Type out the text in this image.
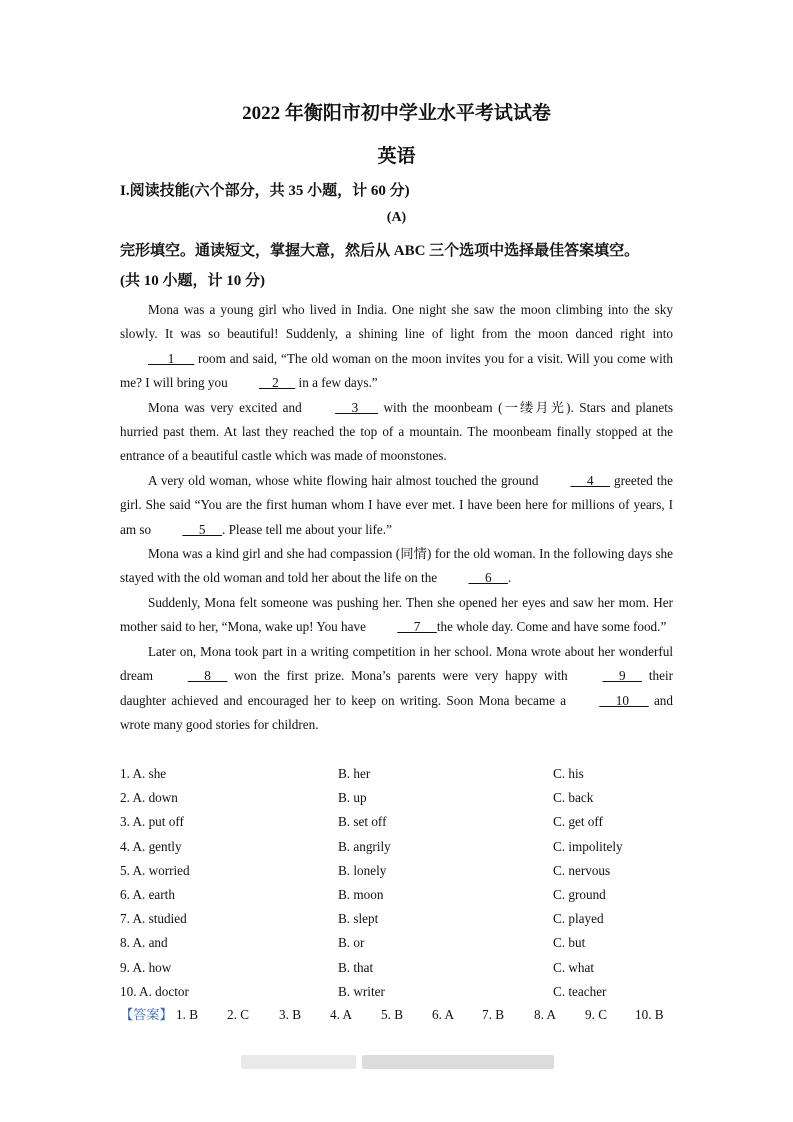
2022 年衡阳市初中学业水平考试试卷
英语
I.阅读技能(六个部分，共 35 小题，计 60 分)
(A)
完形填空。通读短文，掌握大意，然后从 ABC 三个选项中选择最佳答案填空。
(共 10 小题，计 10 分)

Mona was a young girl who lived in India. One night she saw the moon climbing into the sky slowly. It was so beautiful! Suddenly, a shining line of light from the moon danced right into       1       room and said, “The old woman on the moon invites you for a visit. Will you come with me? I will bring you     2      in a few days.”

Mona was very excited and      3       with the moonbeam (一缕月光). Stars and planets hurried past them. At last they reached the top of a mountain. The moonbeam finally stopped at the entrance of a beautiful castle which was made of moonstones.

A very old woman, whose white flowing hair almost touched the ground      4      greeted the girl. She said “You are the first human whom I have ever met. I have been here for millions of years, I am so      5     . Please tell me about your life.”

Mona was a kind girl and she had compassion (同情) for the old woman. In the following days she stayed with the old woman and told her about the life on the      6     .

Suddenly, Mona felt someone was pushing her. Then she opened her eyes and saw her mom. Her mother said to her, “Mona, wake up! You have      7     the whole day. Come and have some food.”

Later on, Mona took part in a writing competition in her school. Mona wrote about her wonderful dream      8      won the first prize. Mona’s parents were very happy with      9      their daughter achieved and encouraged her to keep on writing. Soon Mona became a      10       and wrote many good stories for children.

1. A. she	B. her	C. his
2. A. down	B. up	C. back
3. A. put off	B. set off	C. get off
4. A. gently	B. angrily	C. impolitely
5. A. worried	B. lonely	C. nervous
6. A. earth	B. moon	C. ground
7. A. studied	B. slept	C. played
8. A. and	B. or	C. but
9. A. how	B. that	C. what
10. A. doctor	B. writer	C. teacher
【答案】 1. B 2. C 3. B 4. A 5. B 6. A 7. B 8. A 9. C 10. B
